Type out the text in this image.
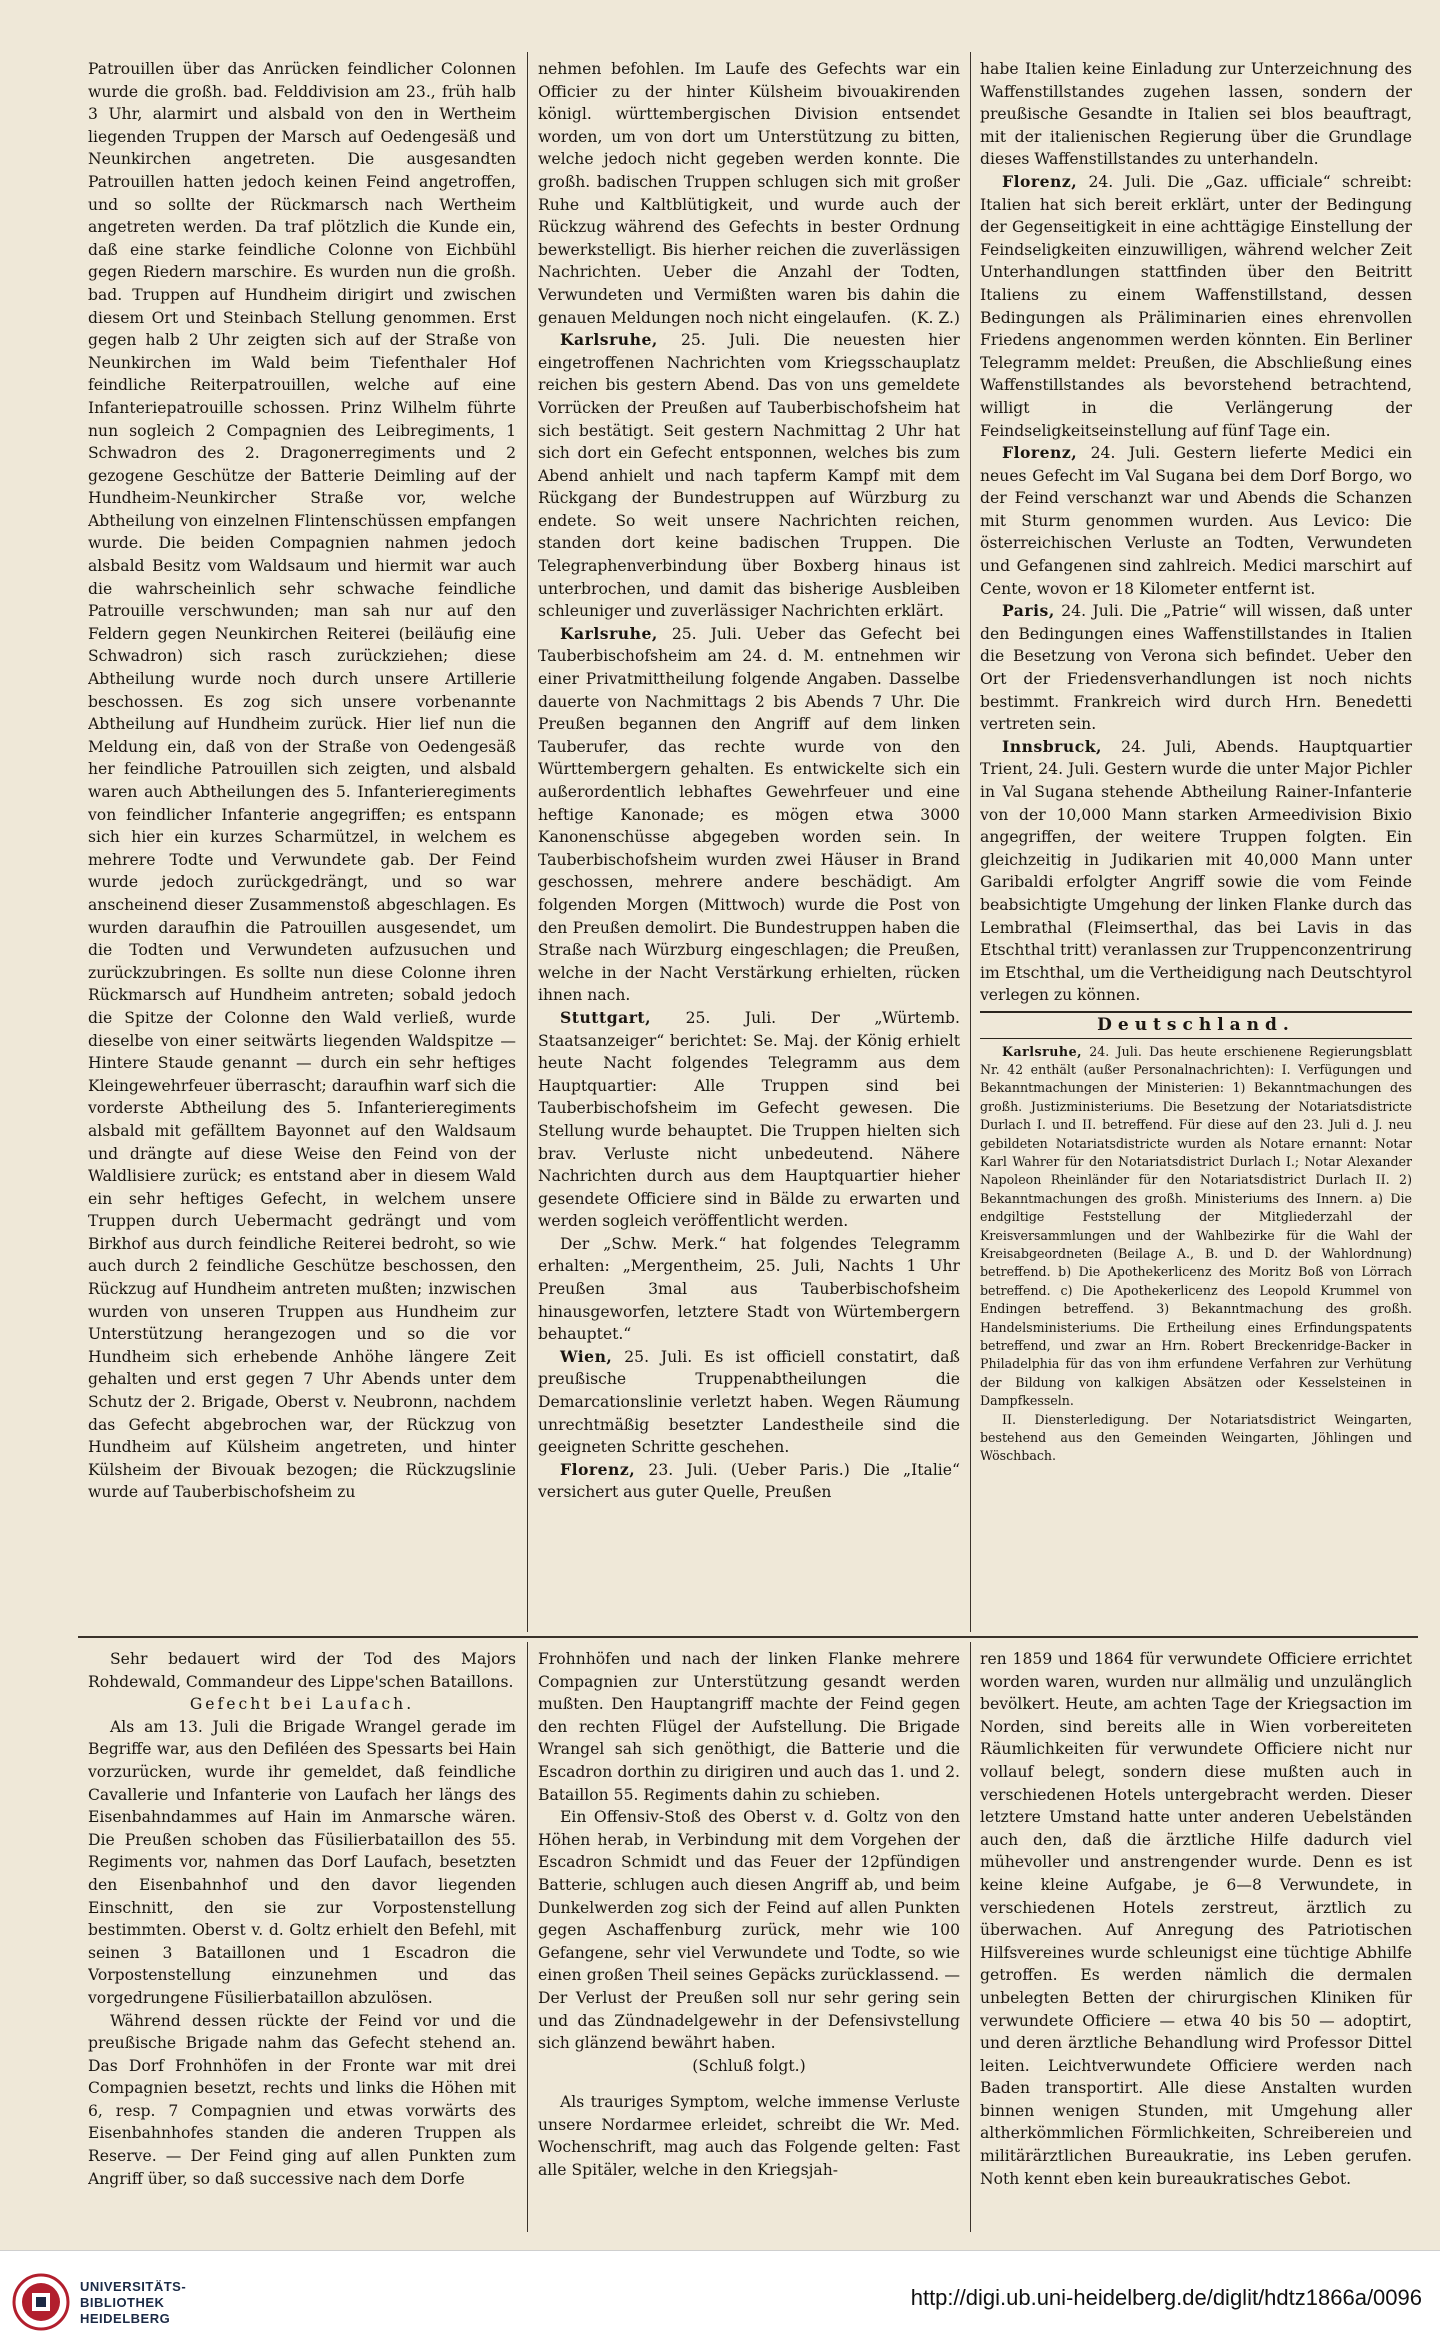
Patrouillen über das Anrücken feindlicher Colonnen wurde die großh. bad. Felddivision am 23., früh halb 3 Uhr, alarmirt und alsbald von den in Wertheim liegenden Truppen der Marsch auf Oedengesäß und Neunkirchen angetreten. Die ausgesandten Patrouillen hatten jedoch keinen Feind angetroffen, und so sollte der Rückmarsch nach Wertheim angetreten werden. Da traf plötzlich die Kunde ein, daß eine starke feindliche Colonne von Eichbühl gegen Riedern marschire. Es wurden nun die großh. bad. Truppen auf Hundheim dirigirt und zwischen diesem Ort und Steinbach Stellung genommen. Erst gegen halb 2 Uhr zeigten sich auf der Straße von Neunkirchen im Wald beim Tiefenthaler Hof feindliche Reiterpatrouillen, welche auf eine Infanteriepatrouille schossen. Prinz Wilhelm führte nun sogleich 2 Compagnien des Leibregiments, 1 Schwadron des 2. Dragonerregiments und 2 gezogene Geschütze der Batterie Deimling auf der Hundheim-Neunkircher Straße vor, welche Abtheilung von einzelnen Flintenschüssen empfangen wurde. Die beiden Compagnien nahmen jedoch alsbald Besitz vom Waldsaum und hiermit war auch die wahrscheinlich sehr schwache feindliche Patrouille verschwunden; man sah nur auf den Feldern gegen Neunkirchen Reiterei (beiläufig eine Schwadron) sich rasch zurückziehen; diese Abtheilung wurde noch durch unsere Artillerie beschossen. Es zog sich unsere vorbenannte Abtheilung auf Hundheim zurück. Hier lief nun die Meldung ein, daß von der Straße von Oedengesäß her feindliche Patrouillen sich zeigten, und alsbald waren auch Abtheilungen des 5. Infanterieregiments von feindlicher Infanterie angegriffen; es entspann sich hier ein kurzes Scharmützel, in welchem es mehrere Todte und Verwundete gab. Der Feind wurde jedoch zurückgedrängt, und so war anscheinend dieser Zusammenstoß abgeschlagen. Es wurden daraufhin die Patrouillen ausgesendet, um die Todten und Verwundeten aufzusuchen und zurückzubringen. Es sollte nun diese Colonne ihren Rückmarsch auf Hundheim antreten; sobald jedoch die Spitze der Colonne den Wald verließ, wurde dieselbe von einer seitwärts liegenden Waldspitze — Hintere Staude genannt — durch ein sehr heftiges Kleingewehrfeuer überrascht; daraufhin warf sich die vorderste Abtheilung des 5. Infanterieregiments alsbald mit gefälltem Bayonnet auf den Waldsaum und drängte auf diese Weise den Feind von der Waldlisiere zurück; es entstand aber in diesem Wald ein sehr heftiges Gefecht, in welchem unsere Truppen durch Uebermacht gedrängt und vom Birkhof aus durch feindliche Reiterei bedroht, so wie auch durch 2 feindliche Geschütze beschossen, den Rückzug auf Hundheim antreten mußten; inzwischen wurden von unseren Truppen aus Hundheim zur Unterstützung herangezogen und so die vor Hundheim sich erhebende Anhöhe längere Zeit gehalten und erst gegen 7 Uhr Abends unter dem Schutz der 2. Brigade, Oberst v. Neubronn, nachdem das Gefecht abgebrochen war, der Rückzug von Hundheim auf Külsheim angetreten, und hinter Külsheim der Bivouak bezogen; die Rückzugslinie wurde auf Tauberbischofsheim zu

nehmen befohlen. Im Laufe des Gefechts war ein Officier zu der hinter Külsheim bivouakirenden königl. württembergischen Division entsendet worden, um von dort um Unterstützung zu bitten, welche jedoch nicht gegeben werden konnte. Die großh. badischen Truppen schlugen sich mit großer Ruhe und Kaltblütigkeit, und wurde auch der Rückzug während des Gefechts in bester Ordnung bewerkstelligt. Bis hierher reichen die zuverlässigen Nachrichten. Ueber die Anzahl der Todten, Verwundeten und Vermißten waren bis dahin die genauen Meldungen noch nicht eingelaufen. (K. Z.)

Karlsruhe, 25. Juli. Die neuesten hier eingetroffenen Nachrichten vom Kriegsschauplatz reichen bis gestern Abend. Das von uns gemeldete Vorrücken der Preußen auf Tauberbischofsheim hat sich bestätigt. Seit gestern Nachmittag 2 Uhr hat sich dort ein Gefecht entsponnen, welches bis zum Abend anhielt und nach tapferm Kampf mit dem Rückgang der Bundestruppen auf Würzburg zu endete. So weit unsere Nachrichten reichen, standen dort keine badischen Truppen. Die Telegraphenverbindung über Boxberg hinaus ist unterbrochen, und damit das bisherige Ausbleiben schleuniger und zuverlässiger Nachrichten erklärt.

Karlsruhe, 25. Juli. Ueber das Gefecht bei Tauberbischofsheim am 24. d. M. entnehmen wir einer Privatmittheilung folgende Angaben. Dasselbe dauerte von Nachmittags 2 bis Abends 7 Uhr. Die Preußen begannen den Angriff auf dem linken Tauberufer, das rechte wurde von den Württembergern gehalten. Es entwickelte sich ein außerordentlich lebhaftes Gewehrfeuer und eine heftige Kanonade; es mögen etwa 3000 Kanonenschüsse abgegeben worden sein. In Tauberbischofsheim wurden zwei Häuser in Brand geschossen, mehrere andere beschädigt. Am folgenden Morgen (Mittwoch) wurde die Post von den Preußen demolirt. Die Bundestruppen haben die Straße nach Würzburg eingeschlagen; die Preußen, welche in der Nacht Verstärkung erhielten, rücken ihnen nach.

Stuttgart, 25. Juli. Der „Würtemb. Staatsanzeiger“ berichtet: Se. Maj. der König erhielt heute Nacht folgendes Telegramm aus dem Hauptquartier: Alle Truppen sind bei Tauberbischofsheim im Gefecht gewesen. Die Stellung wurde behauptet. Die Truppen hielten sich brav. Verluste nicht unbedeutend. Nähere Nachrichten durch aus dem Hauptquartier hieher gesendete Officiere sind in Bälde zu erwarten und werden sogleich veröffentlicht werden.

Der „Schw. Merk.“ hat folgendes Telegramm erhalten: „Mergentheim, 25. Juli, Nachts 1 Uhr Preußen 3mal aus Tauberbischofsheim hinausgeworfen, letztere Stadt von Würtembergern behauptet.“

Wien, 25. Juli. Es ist officiell constatirt, daß preußische Truppenabtheilungen die Demarcationslinie verletzt haben. Wegen Räumung unrechtmäßig besetzter Landestheile sind die geeigneten Schritte geschehen.

Florenz, 23. Juli. (Ueber Paris.) Die „Italie“ versichert aus guter Quelle, Preußen

habe Italien keine Einladung zur Unterzeichnung des Waffenstillstandes zugehen lassen, sondern der preußische Gesandte in Italien sei blos beauftragt, mit der italienischen Regierung über die Grundlage dieses Waffenstillstandes zu unterhandeln.

Florenz, 24. Juli. Die „Gaz. ufficiale“ schreibt: Italien hat sich bereit erklärt, unter der Bedingung der Gegenseitigkeit in eine achttägige Einstellung der Feindseligkeiten einzuwilligen, während welcher Zeit Unterhandlungen stattfinden über den Beitritt Italiens zu einem Waffenstillstand, dessen Bedingungen als Präliminarien eines ehrenvollen Friedens angenommen werden könnten. Ein Berliner Telegramm meldet: Preußen, die Abschließung eines Waffenstillstandes als bevorstehend betrachtend, willigt in die Verlängerung der Feindseligkeitseinstellung auf fünf Tage ein.

Florenz, 24. Juli. Gestern lieferte Medici ein neues Gefecht im Val Sugana bei dem Dorf Borgo, wo der Feind verschanzt war und Abends die Schanzen mit Sturm genommen wurden. Aus Levico: Die österreichischen Verluste an Todten, Verwundeten und Gefangenen sind zahlreich. Medici marschirt auf Cente, wovon er 18 Kilometer entfernt ist.

Paris, 24. Juli. Die „Patrie“ will wissen, daß unter den Bedingungen eines Waffenstillstandes in Italien die Besetzung von Verona sich befindet. Ueber den Ort der Friedensverhandlungen ist noch nichts bestimmt. Frankreich wird durch Hrn. Benedetti vertreten sein.

Innsbruck, 24. Juli, Abends. Hauptquartier Trient, 24. Juli. Gestern wurde die unter Major Pichler in Val Sugana stehende Abtheilung Rainer-Infanterie von der 10,000 Mann starken Armeedivision Bixio angegriffen, der weitere Truppen folgten. Ein gleichzeitig in Judikarien mit 40,000 Mann unter Garibaldi erfolgter Angriff sowie die vom Feinde beabsichtigte Umgehung der linken Flanke durch das Lembrathal (Fleimserthal, das bei Lavis in das Etschthal tritt) veranlassen zur Truppenconzentrirung im Etschthal, um die Vertheidigung nach Deutschtyrol verlegen zu können.

Deutschland.

Karlsruhe, 24. Juli. Das heute erschienene Regierungsblatt Nr. 42 enthält (außer Personalnachrichten): I. Verfügungen und Bekanntmachungen der Ministerien: 1) Bekanntmachungen des großh. Justizministeriums. Die Besetzung der Notariatsdistricte Durlach I. und II. betreffend. Für diese auf den 23. Juli d. J. neu gebildeten Notariatsdistricte wurden als Notare ernannt: Notar Karl Wahrer für den Notariatsdistrict Durlach I.; Notar Alexander Napoleon Rheinländer für den Notariatsdistrict Durlach II. 2) Bekanntmachungen des großh. Ministeriums des Innern. a) Die endgiltige Feststellung der Mitgliederzahl der Kreisversammlungen und der Wahlbezirke für die Wahl der Kreisabgeordneten (Beilage A., B. und D. der Wahlordnung) betreffend. b) Die Apothekerlicenz des Moritz Boß von Lörrach betreffend. c) Die Apothekerlicenz des Leopold Krummel von Endingen betreffend. 3) Bekanntmachung des großh. Handelsministeriums. Die Ertheilung eines Erfindungspatents betreffend, und zwar an Hrn. Robert Breckenridge-Backer in Philadelphia für das von ihm erfundene Verfahren zur Verhütung der Bildung von kalkigen Absätzen oder Kesselsteinen in Dampfkesseln.

II. Diensterledigung. Der Notariatsdistrict Weingarten, bestehend aus den Gemeinden Weingarten, Jöhlingen und Wöschbach.

Sehr bedauert wird der Tod des Majors Rohdewald, Commandeur des Lippe'schen Bataillons.

Gefecht bei Laufach.

Als am 13. Juli die Brigade Wrangel gerade im Begriffe war, aus den Defiléen des Spessarts bei Hain vorzurücken, wurde ihr gemeldet, daß feindliche Cavallerie und Infanterie von Laufach her längs des Eisenbahndammes auf Hain im Anmarsche wären. Die Preußen schoben das Füsilierbataillon des 55. Regiments vor, nahmen das Dorf Laufach, besetzten den Eisenbahnhof und den davor liegenden Einschnitt, den sie zur Vorpostenstellung bestimmten. Oberst v. d. Goltz erhielt den Befehl, mit seinen 3 Bataillonen und 1 Escadron die Vorpostenstellung einzunehmen und das vorgedrungene Füsilierbataillon abzulösen.

Während dessen rückte der Feind vor und die preußische Brigade nahm das Gefecht stehend an. Das Dorf Frohnhöfen in der Fronte war mit drei Compagnien besetzt, rechts und links die Höhen mit 6, resp. 7 Compagnien und etwas vorwärts des Eisenbahnhofes standen die anderen Truppen als Reserve. — Der Feind ging auf allen Punkten zum Angriff über, so daß successive nach dem Dorfe

Frohnhöfen und nach der linken Flanke mehrere Compagnien zur Unterstützung gesandt werden mußten. Den Hauptangriff machte der Feind gegen den rechten Flügel der Aufstellung. Die Brigade Wrangel sah sich genöthigt, die Batterie und die Escadron dorthin zu dirigiren und auch das 1. und 2. Bataillon 55. Regiments dahin zu schieben.

Ein Offensiv-Stoß des Oberst v. d. Goltz von den Höhen herab, in Verbindung mit dem Vorgehen der Escadron Schmidt und das Feuer der 12pfündigen Batterie, schlugen auch diesen Angriff ab, und beim Dunkelwerden zog sich der Feind auf allen Punkten gegen Aschaffenburg zurück, mehr wie 100 Gefangene, sehr viel Verwundete und Todte, so wie einen großen Theil seines Gepäcks zurücklassend. — Der Verlust der Preußen soll nur sehr gering sein und das Zündnadelgewehr in der Defensivstellung sich glänzend bewährt haben.

(Schluß folgt.)

Als trauriges Symptom, welche immense Verluste unsere Nordarmee erleidet, schreibt die Wr. Med. Wochenschrift, mag auch das Folgende gelten: Fast alle Spitäler, welche in den Kriegsjah-

ren 1859 und 1864 für verwundete Officiere errichtet worden waren, wurden nur allmälig und unzulänglich bevölkert. Heute, am achten Tage der Kriegsaction im Norden, sind bereits alle in Wien vorbereiteten Räumlichkeiten für verwundete Officiere nicht nur vollauf belegt, sondern diese mußten auch in verschiedenen Hotels untergebracht werden. Dieser letztere Umstand hatte unter anderen Uebelständen auch den, daß die ärztliche Hilfe dadurch viel mühevoller und anstrengender wurde. Denn es ist keine kleine Aufgabe, je 6—8 Verwundete, in verschiedenen Hotels zerstreut, ärztlich zu überwachen. Auf Anregung des Patriotischen Hilfsvereines wurde schleunigst eine tüchtige Abhilfe getroffen. Es werden nämlich die dermalen unbelegten Betten der chirurgischen Kliniken für verwundete Officiere — etwa 40 bis 50 — adoptirt, und deren ärztliche Behandlung wird Professor Dittel leiten. Leichtverwundete Officiere werden nach Baden transportirt. Alle diese Anstalten wurden binnen wenigen Stunden, mit Umgehung aller altherkömmlichen Förmlichkeiten, Schreibereien und militärärztlichen Bureaukratie, ins Leben gerufen. Noth kennt eben kein bureaukratisches Gebot.

UNIVERSITÄTS-
BIBLIOTHEK
HEIDELBERG
http://digi.ub.uni-heidelberg.de/diglit/hdtz1866a/0096
